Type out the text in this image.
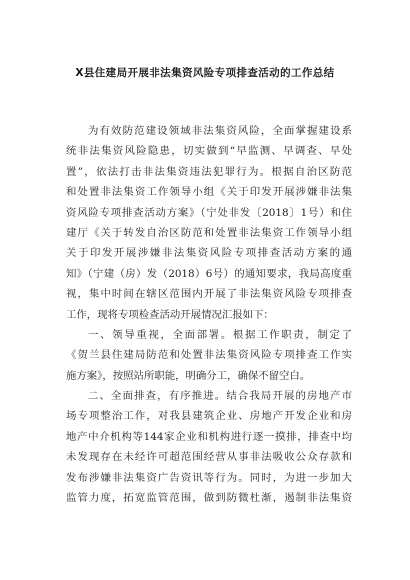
X县住建局开展非法集资风险专项排查活动的工作总结
为有效防范建设领域非法集资风险，全面掌握建设系
统非法集资风险隐患，切实做到“早监测、早调查、早处
置”，依法打击非法集资违法犯罪行为。根据自治区防范
和处置非法集资工作领导小组《关于印发开展涉嫌非法集
资风险专项排查活动方案》（宁处非发〔2018〕1号）和住
建厅《关于转发自治区防范和处置非法集资工作领导小组
关于印发开展涉嫌非法集资风险专项排查活动方案的通
知》（宁建（房）发（2018）6号）的通知要求，我局高度重
视，集中时间在辖区范围内开展了非法集资风险专项排查
工作，现将专项检查活动开展情况汇报如下：
一、领导重视，全面部署。根据工作职责，制定了
《贺兰县住建局防范和处置非法集资风险专项排查工作实
施方案》，按照站所职能，明确分工，确保不留空白。
二、全面排查，有序推进。结合我局开展的房地产市
场专项整治工作，对我县建筑企业、房地产开发企业和房
地产中介机构等144家企业和机构进行逐一摸排，排查中均
未发现存在未经许可超范围经营从事非法吸收公众存款和
发布涉嫌非法集资广告资讯等行为。同时，为进一步加大
监管力度，拓宽监管范围，做到防微杜渐，遏制非法集资
